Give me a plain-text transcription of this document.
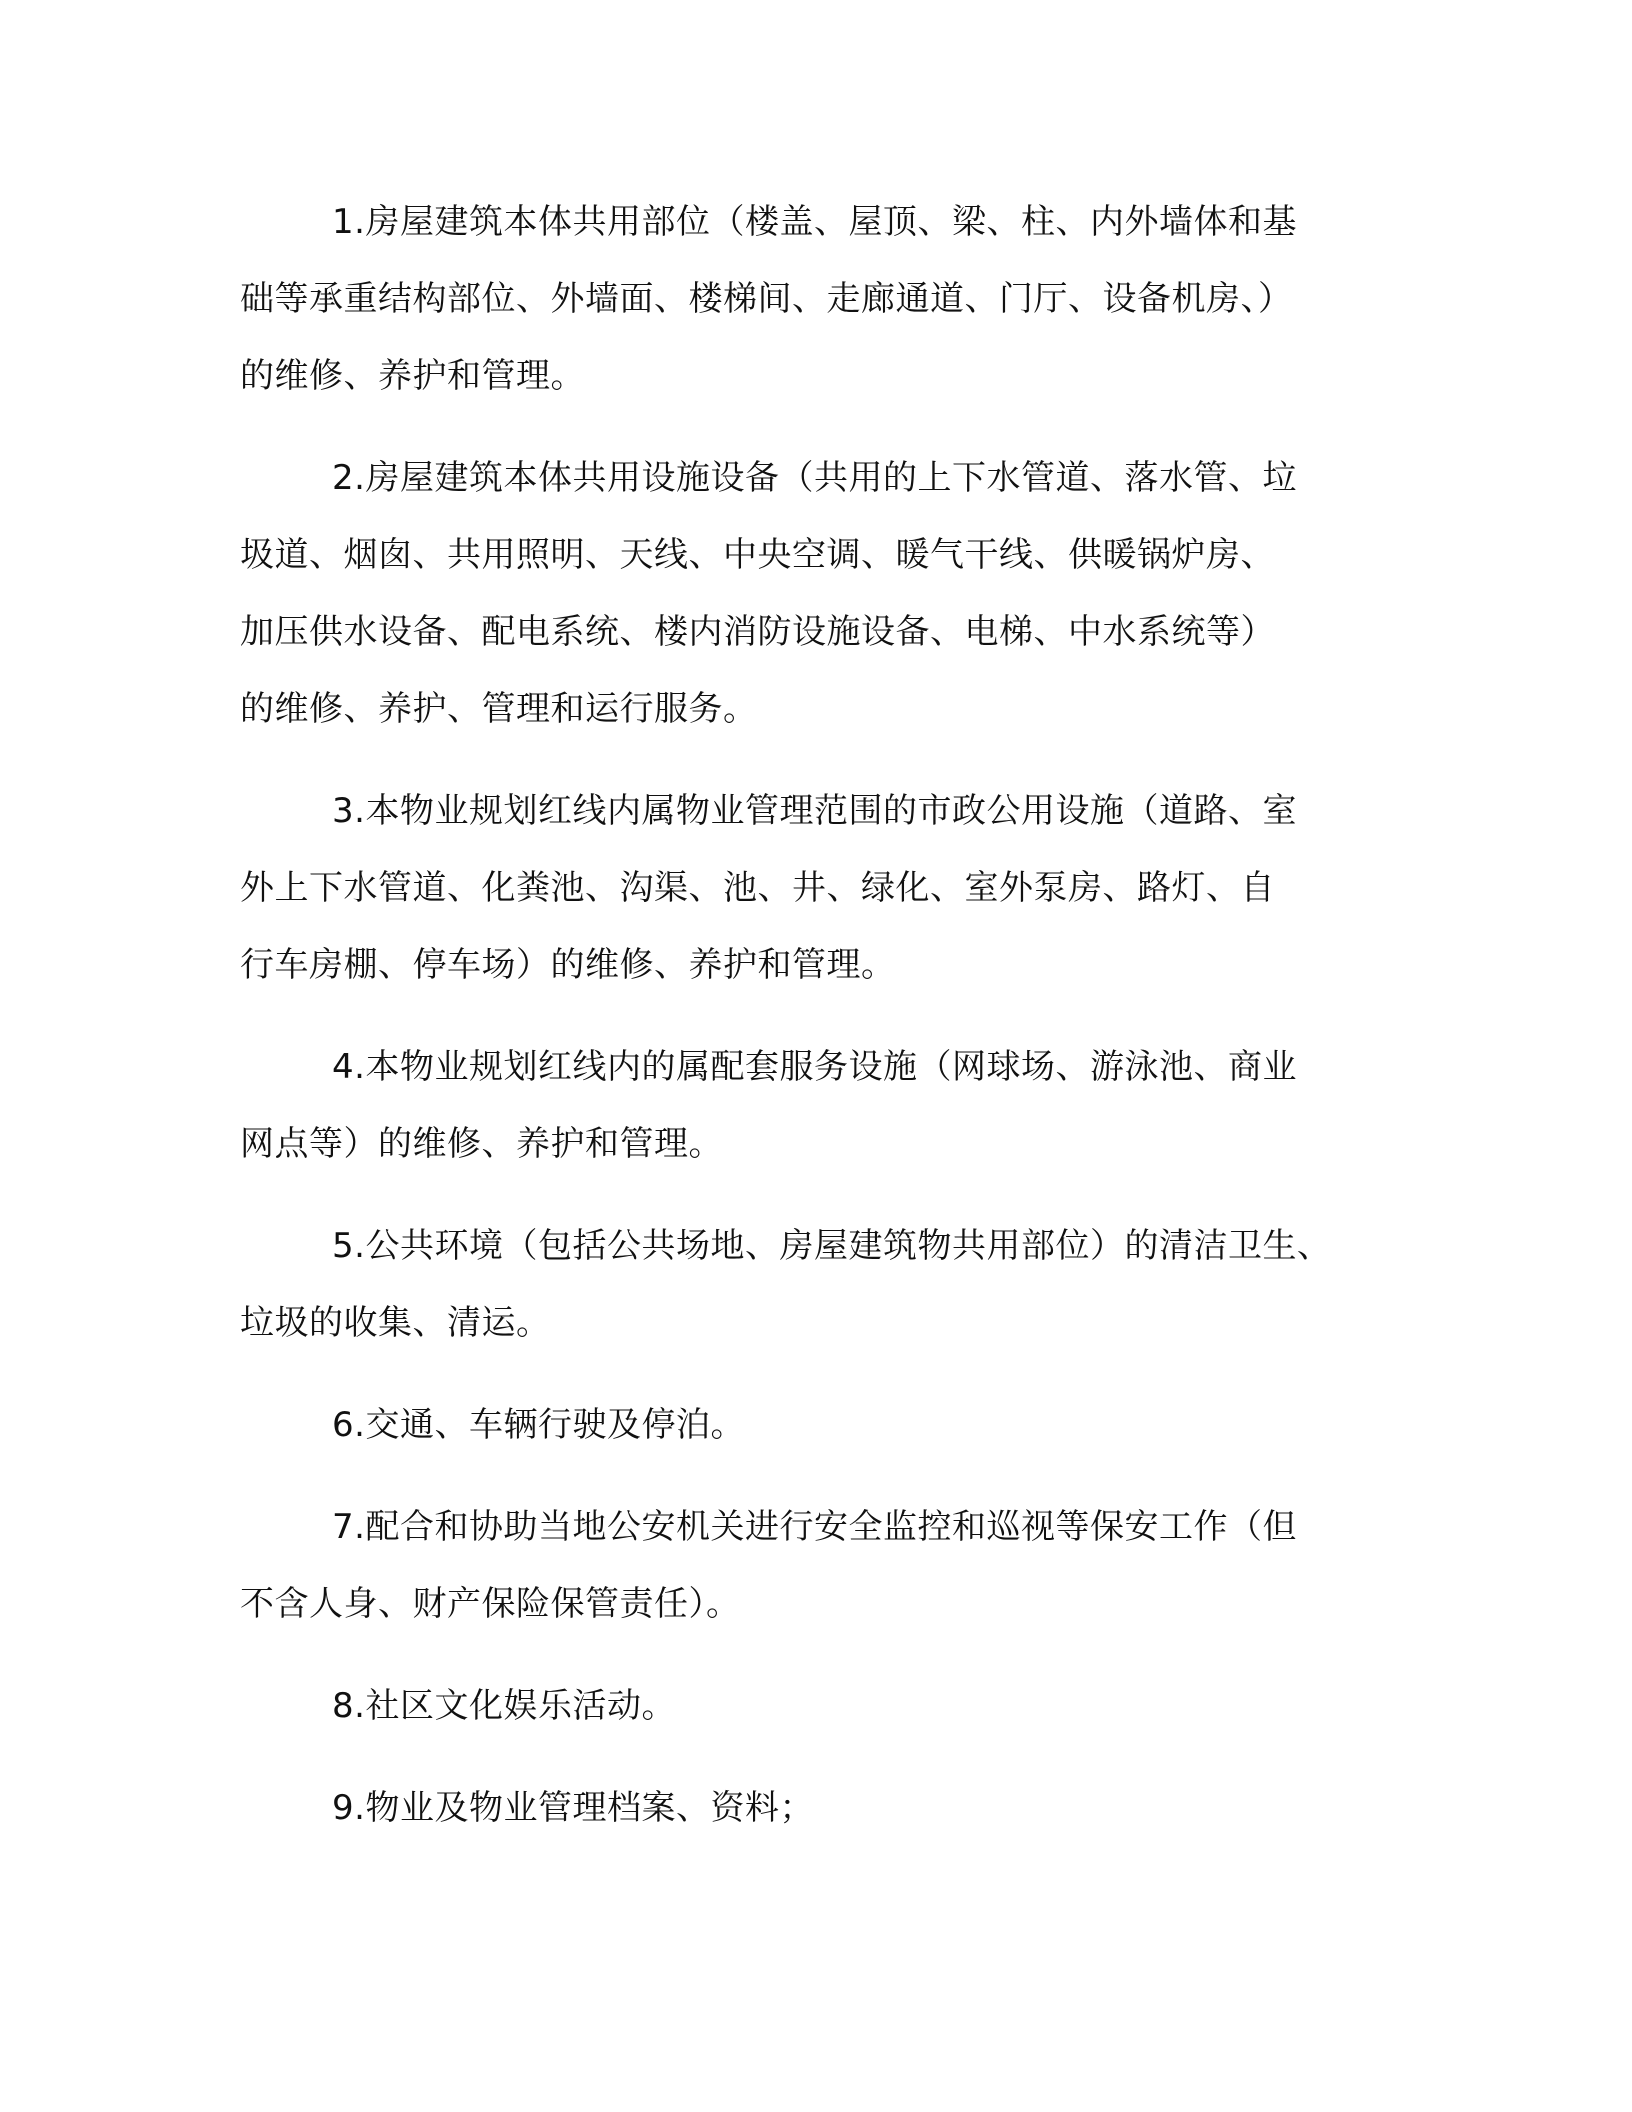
1.房屋建筑本体共用部位（楼盖、屋顶、梁、柱、内外墙体和基
础等承重结构部位、外墙面、楼梯间、走廊通道、门厅、设备机房、）
的维修、养护和管理。
2.房屋建筑本体共用设施设备（共用的上下水管道、落水管、垃
圾道、烟囱、共用照明、天线、中央空调、暖气干线、供暖锅炉房、
加压供水设备、配电系统、楼内消防设施设备、电梯、中水系统等）
的维修、养护、管理和运行服务。
3.本物业规划红线内属物业管理范围的市政公用设施（道路、室
外上下水管道、化粪池、沟渠、池、井、绿化、室外泵房、路灯、自
行车房棚、停车场）的维修、养护和管理。
4.本物业规划红线内的属配套服务设施（网球场、游泳池、商业
网点等）的维修、养护和管理。
5.公共环境（包括公共场地、房屋建筑物共用部位）的清洁卫生、
垃圾的收集、清运。
6.交通、车辆行驶及停泊。
7.配合和协助当地公安机关进行安全监控和巡视等保安工作（但
不含人身、财产保险保管责任）。
8.社区文化娱乐活动。
9.物业及物业管理档案、资料；
